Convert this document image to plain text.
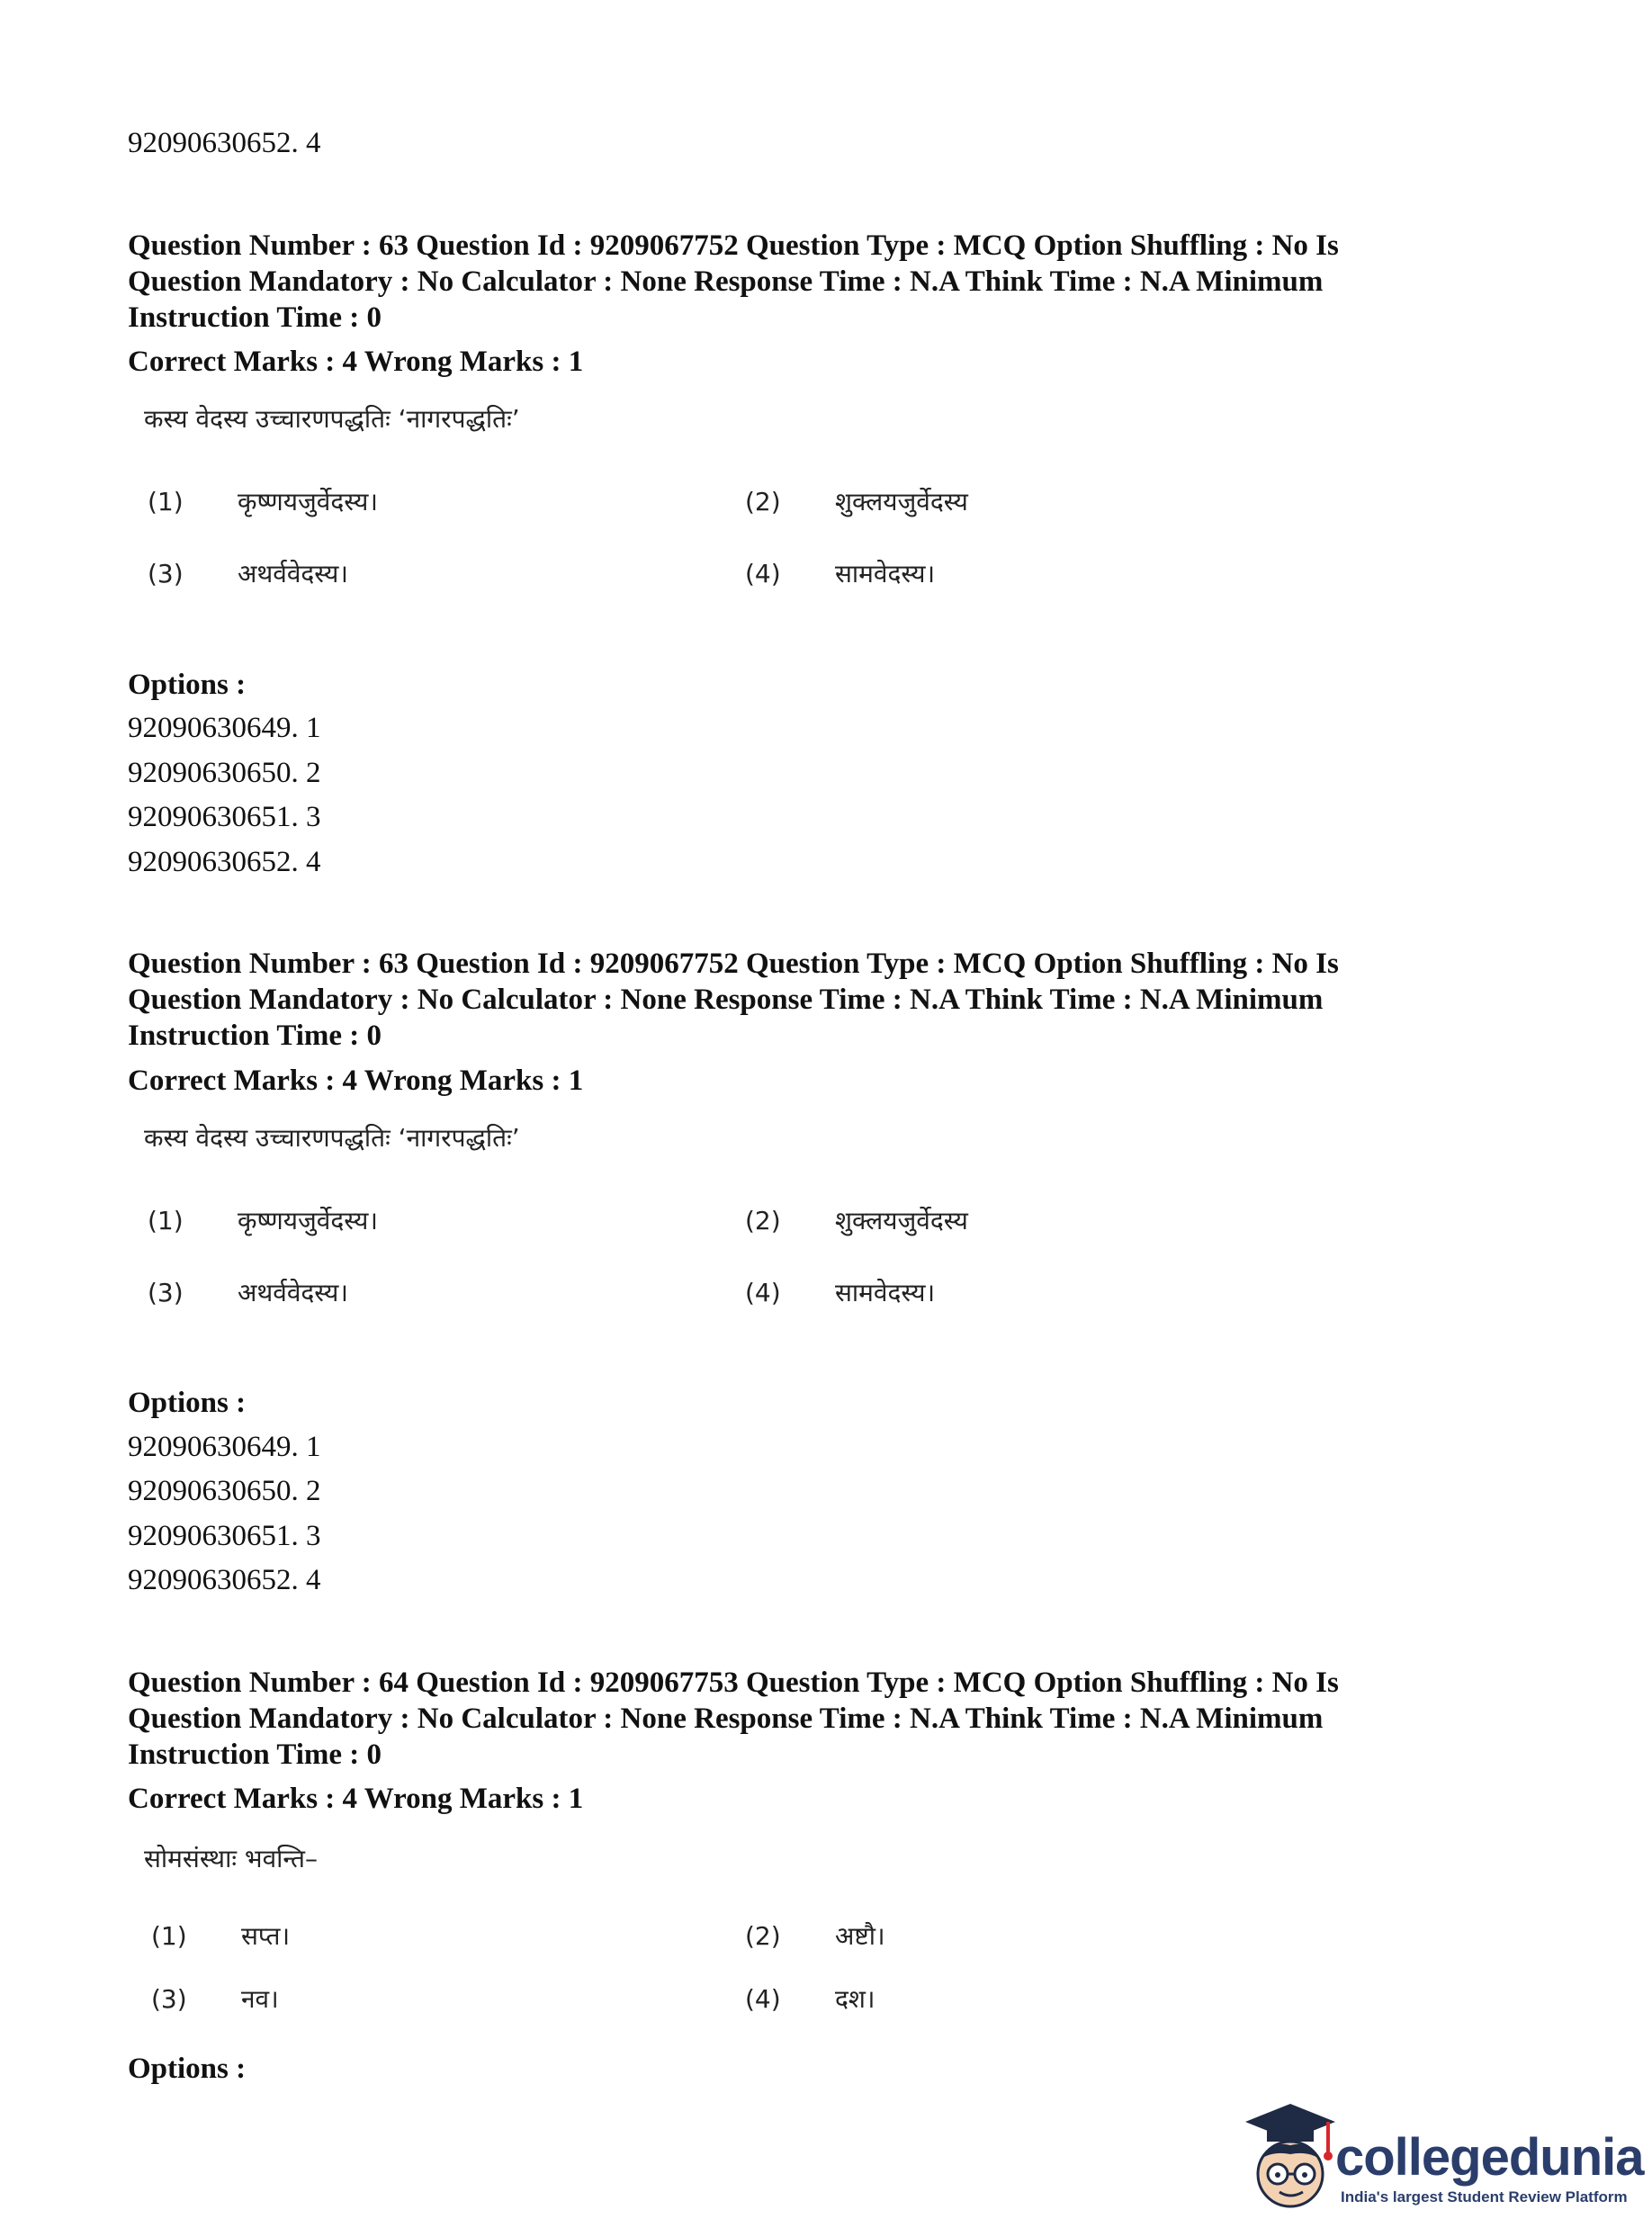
92090630652. 4
Question Number : 63 Question Id : 9209067752 Question Type : MCQ Option Shuffling : No Is
Question Mandatory : No Calculator : None Response Time : N.A Think Time : N.A Minimum
Instruction Time : 0
Correct Marks : 4 Wrong Marks : 1
कस्य वेदस्य उच्चारणपद्धतिः ‘नागरपद्धतिः’
(1) कृष्णयजुर्वेदस्य।	(2) शुक्लयजुर्वेदस्य
(3) अथर्ववेदस्य।	(4) सामवेदस्य।
Options :
92090630649. 1
92090630650. 2
92090630651. 3
92090630652. 4
Question Number : 63 Question Id : 9209067752 Question Type : MCQ Option Shuffling : No Is
Question Mandatory : No Calculator : None Response Time : N.A Think Time : N.A Minimum
Instruction Time : 0
Correct Marks : 4 Wrong Marks : 1
कस्य वेदस्य उच्चारणपद्धतिः ‘नागरपद्धतिः’
(1) कृष्णयजुर्वेदस्य।	(2) शुक्लयजुर्वेदस्य
(3) अथर्ववेदस्य।	(4) सामवेदस्य।
Options :
92090630649. 1
92090630650. 2
92090630651. 3
92090630652. 4
Question Number : 64 Question Id : 9209067753 Question Type : MCQ Option Shuffling : No Is
Question Mandatory : No Calculator : None Response Time : N.A Think Time : N.A Minimum
Instruction Time : 0
Correct Marks : 4 Wrong Marks : 1
सोमसंस्थाः भवन्ति–
(1) सप्त।	(2) अष्टौ।
(3) नव।	(4) दश।
Options :
collegedunia
India's largest Student Review Platform
